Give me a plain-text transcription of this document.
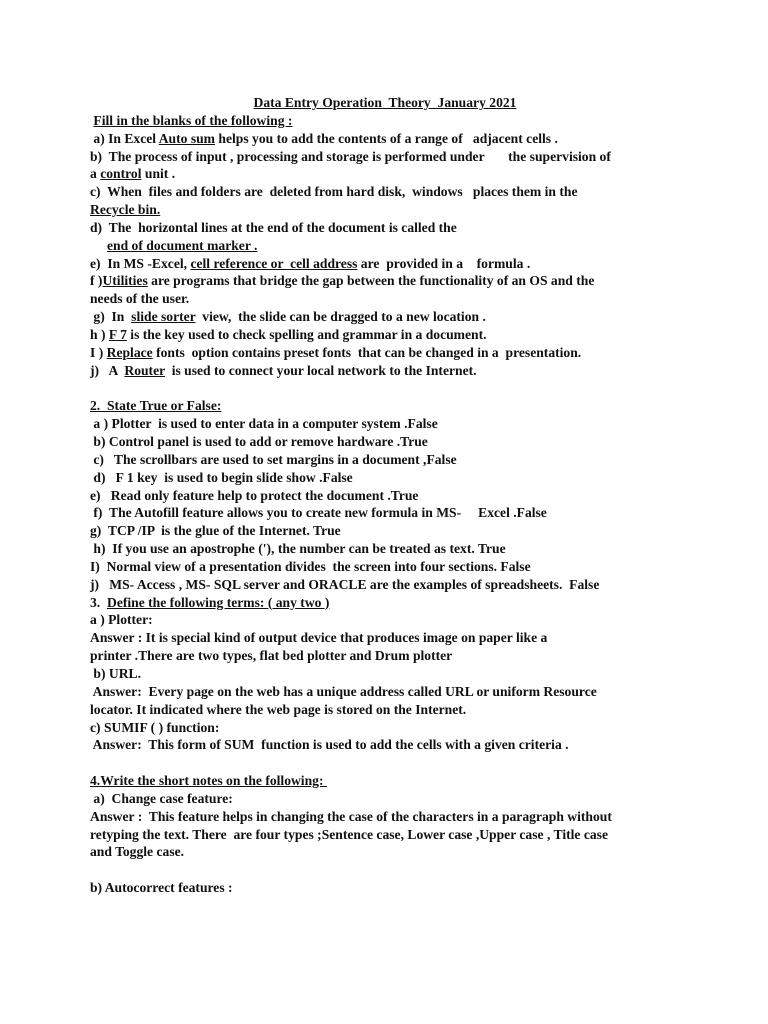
Data Entry Operation  Theory  January 2021
Fill in the blanks of the following :
a) In Excel Auto sum helps you to add the contents of a range of   adjacent cells .
b)  The process of input , processing and storage is performed under       the supervision of
a control unit .
c)  When  files and folders are  deleted from hard disk,  windows   places them in the
Recycle bin.
d)  The  horizontal lines at the end of the document is called the
end of document marker .
e)  In MS -Excel, cell reference or  cell address are  provided in a    formula .
f )Utilities are programs that bridge the gap between the functionality of an OS and the
needs of the user.
g)  In  slide sorter  view,  the slide can be dragged to a new location .
h ) F 7 is the key used to check spelling and grammar in a document.
I ) Replace fonts  option contains preset fonts  that can be changed in a  presentation.
j)   A  Router  is used to connect your local network to the Internet.
2.  State True or False:
a ) Plotter  is used to enter data in a computer system .False
b) Control panel is used to add or remove hardware .True
c)   The scrollbars are used to set margins in a document ,False
d)   F 1 key  is used to begin slide show .False
e)   Read only feature help to protect the document .True
f)  The Autofill feature allows you to create new formula in MS-     Excel .False
g)  TCP /IP  is the glue of the Internet. True
h)  If you use an apostrophe ('), the number can be treated as text. True
I)  Normal view of a presentation divides  the screen into four sections. False
j)   MS- Access , MS- SQL server and ORACLE are the examples of spreadsheets.  False
3.  Define the following terms: ( any two )
a ) Plotter:
Answer : It is special kind of output device that produces image on paper like a
printer .There are two types, flat bed plotter and Drum plotter
b) URL.
Answer:  Every page on the web has a unique address called URL or uniform Resource
locator. It indicated where the web page is stored on the Internet.
c) SUMIF ( ) function:
Answer:  This form of SUM  function is used to add the cells with a given criteria .
4.Write the short notes on the following:
a)  Change case feature:
Answer :  This feature helps in changing the case of the characters in a paragraph without
retyping the text. There  are four types ;Sentence case, Lower case ,Upper case , Title case
and Toggle case.
b) Autocorrect features :
